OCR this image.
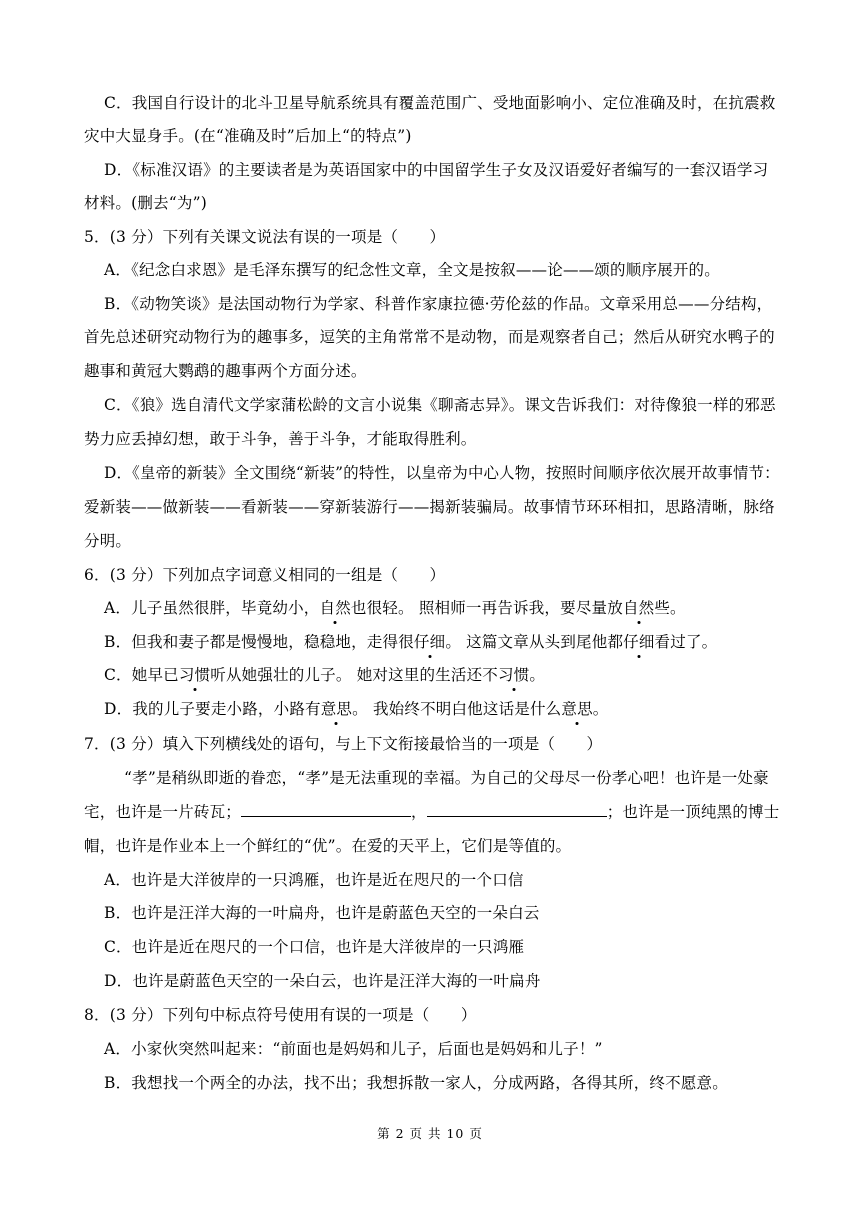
C．我国自行设计的北斗卫星导航系统具有覆盖范围广、受地面影响小、定位准确及时，在抗震救
灾中大显身手。(在“准确及时”后加上“的特点”)
D．《标准汉语》的主要读者是为英语国家中的中国留学生子女及汉语爱好者编写的一套汉语学习
材料。(删去“为”)
5．(3 分）下列有关课文说法有误的一项是（　　）
A．《纪念白求恩》是毛泽东撰写的纪念性文章，全文是按叙——论——颂的顺序展开的。
B．《动物笑谈》是法国动物行为学家、科普作家康拉德·劳伦兹的作品。文章采用总——分结构，
首先总述研究动物行为的趣事多，逗笑的主角常常不是动物，而是观察者自己；然后从研究水鸭子的
趣事和黄冠大鹦鹉的趣事两个方面分述。
C．《狼》选自清代文学家蒲松龄的文言小说集《聊斋志异》。课文告诉我们：对待像狼一样的邪恶
势力应丢掉幻想，敢于斗争，善于斗争，才能取得胜利。
D．《皇帝的新装》全文围绕“新装”的特性，以皇帝为中心人物，按照时间顺序依次展开故事情节：
爱新装——做新装——看新装——穿新装游行——揭新装骗局。故事情节环环相扣，思路清晰，脉络
分明。
6．(3 分）下列加点字词意义相同的一组是（　　）
A．儿子虽然很胖，毕竟幼小，自然也很轻。 照相师一再告诉我，要尽量放自然些。
B．但我和妻子都是慢慢地，稳稳地，走得很仔细。 这篇文章从头到尾他都仔细看过了。
C．她早已习惯听从她强壮的儿子。 她对这里的生活还不习惯。
D．我的儿子要走小路，小路有意思。 我始终不明白他这话是什么意思。
7．(3 分）填入下列横线处的语句，与上下文衔接最恰当的一项是（　　）
“孝”是稍纵即逝的眷恋，“孝”是无法重现的幸福。为自己的父母尽一份孝心吧！也许是一处豪
宅，也许是一片砖瓦；	，	；也许是一顶纯黑的博士
帽，也许是作业本上一个鲜红的“优”。在爱的天平上，它们是等值的。
A．也许是大洋彼岸的一只鸿雁，也许是近在咫尺的一个口信
B．也许是汪洋大海的一叶扁舟，也许是蔚蓝色天空的一朵白云
C．也许是近在咫尺的一个口信，也许是大洋彼岸的一只鸿雁
D．也许是蔚蓝色天空的一朵白云，也许是汪洋大海的一叶扁舟
8．(3 分）下列句中标点符号使用有误的一项是（　　）
A．小家伙突然叫起来：“前面也是妈妈和儿子，后面也是妈妈和儿子！”
B．我想找一个两全的办法，找不出；我想拆散一家人，分成两路，各得其所，终不愿意。
第 2 页 共 10 页
